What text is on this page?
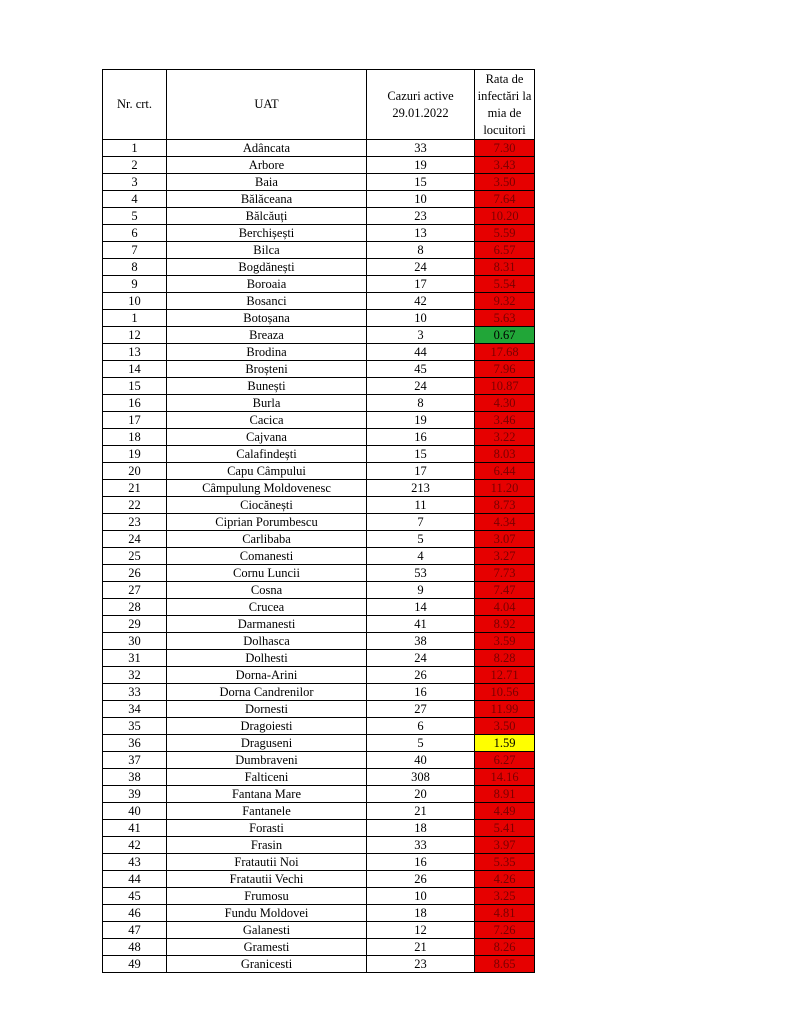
Nr. crt.	UAT	Cazuri active 29.01.2022	Rata de infectări la mia de locuitori
1	Adâncata	33	7.30
2	Arbore	19	3.43
3	Baia	15	3.50
4	Bălăceana	10	7.64
5	Bălcăuți	23	10.20
6	Berchișești	13	5.59
7	Bilca	8	6.57
8	Bogdănești	24	8.31
9	Boroaia	17	5.54
10	Bosanci	42	9.32
1	Botoșana	10	5.63
12	Breaza	3	0.67
13	Brodina	44	17.68
14	Broșteni	45	7.96
15	Bunești	24	10.87
16	Burla	8	4.30
17	Cacica	19	3.46
18	Cajvana	16	3.22
19	Calafindești	15	8.03
20	Capu Câmpului	17	6.44
21	Câmpulung Moldovenesc	213	11.20
22	Ciocănești	11	8.73
23	Ciprian Porumbescu	7	4.34
24	Carlibaba	5	3.07
25	Comanesti	4	3.27
26	Cornu Luncii	53	7.73
27	Cosna	9	7.47
28	Crucea	14	4.04
29	Darmanesti	41	8.92
30	Dolhasca	38	3.59
31	Dolhesti	24	8.28
32	Dorna-Arini	26	12.71
33	Dorna Candrenilor	16	10.56
34	Dornesti	27	11.99
35	Dragoiesti	6	3.50
36	Draguseni	5	1.59
37	Dumbraveni	40	6.27
38	Falticeni	308	14.16
39	Fantana Mare	20	8.91
40	Fantanele	21	4.49
41	Forasti	18	5.41
42	Frasin	33	3.97
43	Fratautii Noi	16	5.35
44	Fratautii Vechi	26	4.26
45	Frumosu	10	3.25
46	Fundu Moldovei	18	4.81
47	Galanesti	12	7.26
48	Gramesti	21	8.26
49	Granicesti	23	8.65
